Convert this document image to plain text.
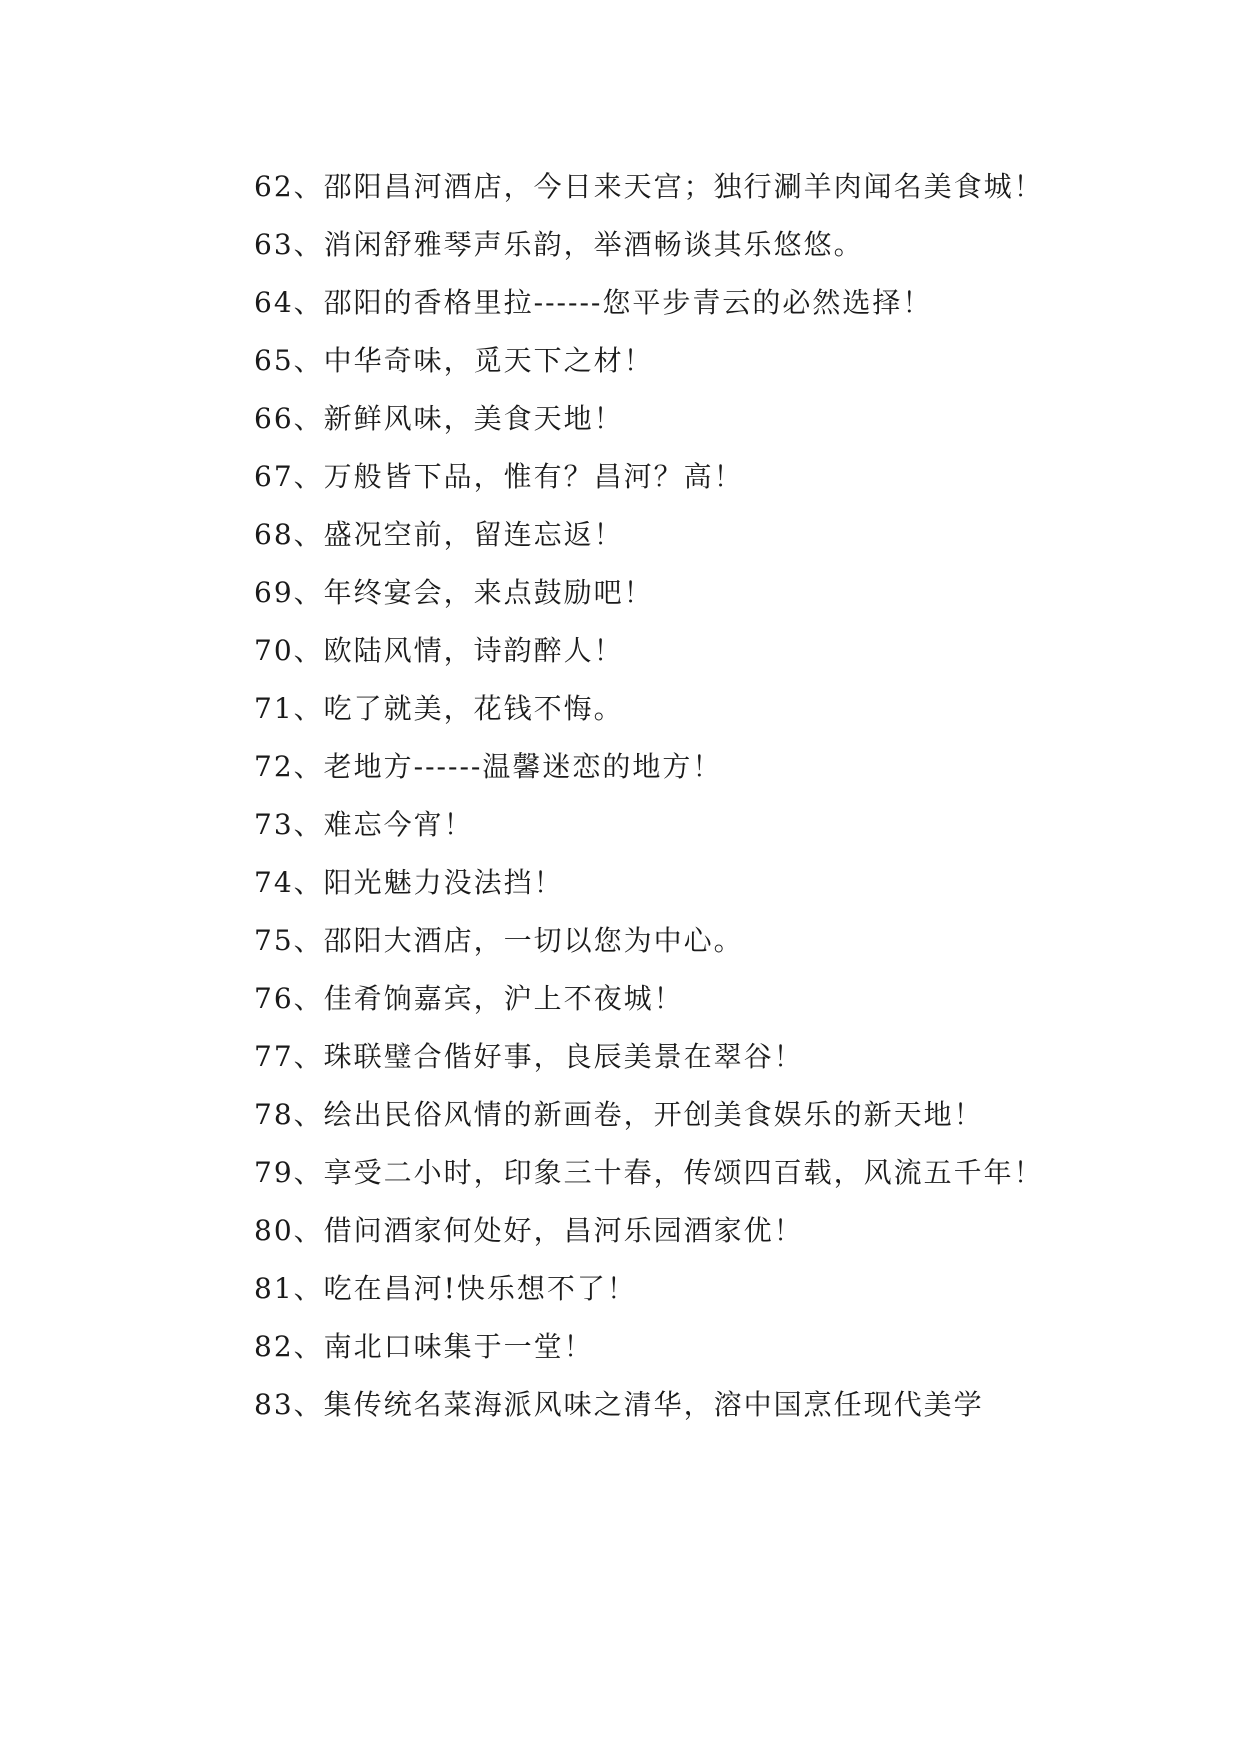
62、邵阳昌河酒店，今日来天宫；独行涮羊肉闻名美食城！

63、消闲舒雅琴声乐韵，举酒畅谈其乐悠悠。

64、邵阳的香格里拉------您平步青云的必然选择！

65、中华奇味，觅天下之材！

66、新鲜风味，美食天地！

67、万般皆下品，惟有？昌河？高！

68、盛况空前，留连忘返！

69、年终宴会，来点鼓励吧！

70、欧陆风情，诗韵醉人！

71、吃了就美，花钱不悔。

72、老地方------温馨迷恋的地方！

73、难忘今宵！

74、阳光魅力没法挡！

75、邵阳大酒店，一切以您为中心。

76、佳肴饷嘉宾，沪上不夜城！

77、珠联璧合偕好事，良辰美景在翠谷！

78、绘出民俗风情的新画卷，开创美食娱乐的新天地！

79、享受二小时，印象三十春，传颂四百载，风流五千年！

80、借问酒家何处好，昌河乐园酒家优！

81、吃在昌河!快乐想不了！

82、南北口味集于一堂！

83、集传统名菜海派风味之清华，溶中国烹任现代美学
